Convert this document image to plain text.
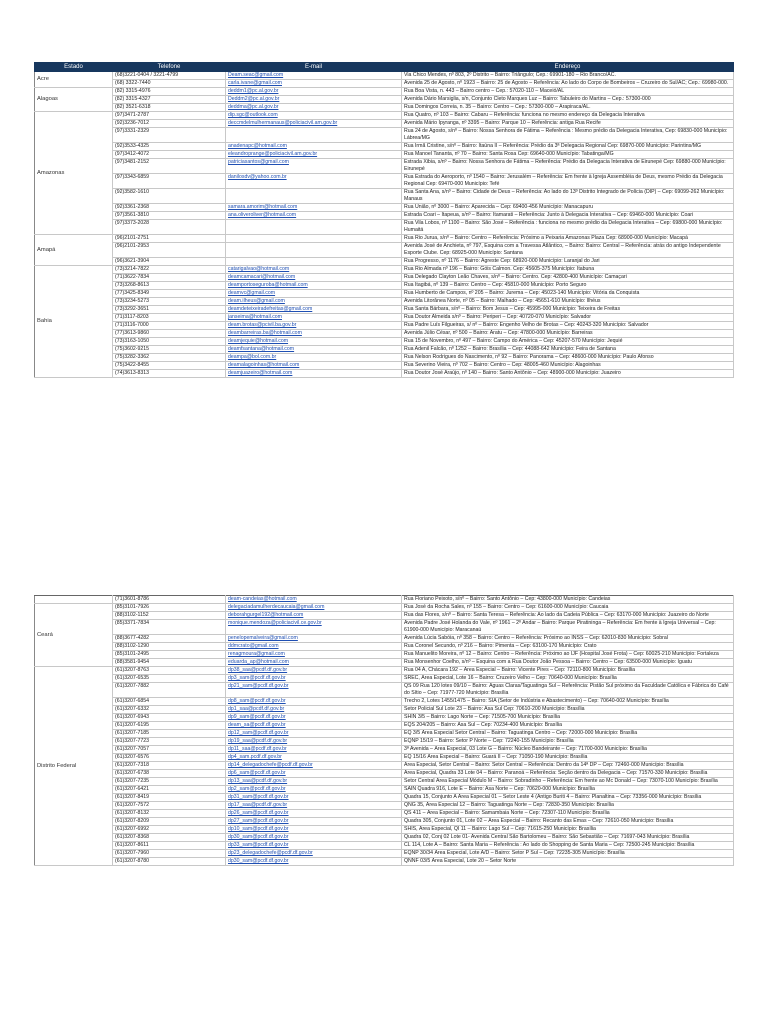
Estado	Telefone	E-mail	Endereço
Acre	(68)3221-0404 / 3221-4799	Deam.seac@gmail.com	Via Chico Mendes, nº 803, 2º Distrito – Bairro: Triângulo; Cep.: 69901-180 – Rio Branco/AC.
	(68) 3322-7440	carla.ivane@gmail.com	Avenida 25 de Agosto, nº 1923 – Bairro: 25 de Agosto – Referência: Ao lado do Corpo de Bombeiros – Cruzeiro do Sul/AC; Cep.: 69980-000.
Alagoas	(82) 3315-4976	deddm1@pc.al.gov.br	Rua Boa Vista, n. 443 – Bairro centro – Cep.: 57020-110 – Maceió/AL
	(82) 3315-4327	Deddm2@pc.al.gov.br	Avenida Dário Marsiglia, s/n, Conjunto Cleto Marques Luz – Bairro: Tabuleiro do Martins – Cep.: 57300-000
	(82) 3521-6318	deddma@pc.al.gov.br	Rua Domingos Correia, n. 35 – Bairro: Centro – Cep.: 57300-000 – Arapiraca/AL.
Amazonas	(97)3471-2787	dip.sgc@outlook.com	Rua Quatro, nº 103 – Bairro: Cabaru – Referência: funciona no mesmo endereço da Delegacia Interativa
	(92)3236-7012	deccmdelmulhermanaus@policiacivil.am.gov.br	Avenida Mário Ipyranga, nº 3395 – Bairro: Parque 10 – Referência: antiga Rua Recife
	(97)3331-2329		Rua 24 de Agosto, s/nº – Bairro: Nossa Senhora de Fátima – Referência : Mesmo prédio da Delegacia Interativa, Cep: 69830-000 Município: Lábrea/MG
	(92)3533-4325	anadenapc@hotmail.com	Rua Irmã Cristine, s/nº – Bairro: Itaúna II – Referência: Prédio da 3ª Delegacia Regional Cep: 69870-000 Município: Parintins/MG
	(97)3412-4072	eleandroprange@policiacivil.am.gov.br	Rua Manoel Tananta, nº 70 – Bairro: Santa Rosa Cep: 69640-000 Município: Tabatinga/MG
	(97)3481-2152	patriciasantos@gmail.com	Estrada Xibia, s/nº – Bairro: Nossa Senhora de Fátima – Referência: Prédio da Delegacia Interativa de Eirunepé Cep: 69880-000 Município: Eirunepé
	(97)3343-6859	danilosdv@yahoo.com.br	Rua Estrada do Aeroporto, nº 1540 – Bairro: Jerusalém – Referência: Em frente à Igreja Assembléia de Deus, mesmo Prédio da Delegacia Regional Cep: 69470-000 Município: Tefé
	(92)3582-1610		Rua Santa Ana, s/nº – Bairro: Cidade de Deus – Referência: Ao lado do 13º Distrito Integrado de Polícia (DIP) – Cep: 69099-262 Município: Manaus
	(92)3361-2368	samara.amorim@hotmail.com	Rua União, nº 3000 – Bairro: Aparecida – Cep: 69400-456 Município: Manacapuru
	(97)3561-3810	ana.oliveroliver@hotmail.com	Estrada Coari – Itapeua, s/nº – Bairro: Itamarati – Referência: Junto à Delegacia Interativa – Cep: 69460-000 Município: Coari
	(97)3373-2028		Rua Vila Lobos, nº 1100 – Bairro: São José – Referência : funciona no mesmo prédio da Delegacia Interativa – Cep: 69800-000 Município: Humaitá
Amapá	(96)2101-2751		Rua Rio Jurua, s/nº – Bairro: Centro – Referência: Próximo a Peixaria Amazonas Plaza Cep: 68900-000 Município: Macapá
	(96)2101-2953		Avenida José de Anchieta, nº 797, Esquina com a Travessa Atlântico, – Bairro: Bairro: Central – Referência: atrás do antigo Independente Esporte Clube. Cep: 68925-000 Município: Santana
	(96)3621-3904		Rua Progresso, nº 1176 – Bairro: Agreste Cep: 68920-000 Município: Laranjal do Jari
Bahia	(73)3214-7822	catarigalvao@hotmail.com	Rua Rio Almada nº 196 – Bairro: Góis Calmon. Cep: 45605-375 Município: Itabuna
	(71)3622-7834	deamcamacari@hotmail.com	Rua Delegado Clayton Leão Chaves, s/nº – Bairro: Centro. Cep: 42800-400 Município: Camaçari
	(73)3268-8613	deamportoseguroba@hotmail.com	Rua Itagibá, nº 139 – Bairro: Centro – Cep: 45810-000 Município: Porto Seguro
	(77)3425-8349	deamvc@gmail.com	Rua Humberto de Campos, nº 205 – Bairro: Jurema – Cep: 45023-140 Município: Vitória da Conquista
	(73)3234-5273	deam.ilheus@gmail.com	Avenida Litorânea Norte, nº 05 – Bairro: Malhado – Cep: 45651-610 Município: Ilhéus
	(73)3292-3651	deamdeteixeiradefreitas@gmail.com	Rua Santa Bárbara, s/nº – Bairro: Bom Jesus – Cep: 45995-000 Município: Teixeira de Freitas
	(71)3117-8203	janseima@hotmail.com	Rua Doutor Almeida s/nº – Bairro: Periperi – Cep: 40720-070 Município: Salvador
	(71)3116-7000	deam.brotas@pcivil.ba.gov.br	Rua Padre Luís Filgueiras, s/ nº – Bairro: Engenho Velho de Brotas – Cep: 40243-320 Município: Salvador
	(77)3613-9860	deambarreiras.ba@hotmail.com	Avenida Júlio César, nº 500 – Bairro: Aratu – Cep: 47800-000 Município: Barreiras
	(73)3163-1050	deamjequie@hotmail.com	Rua 15 de Novembro, nº 497 – Bairro: Campo do América – Cep: 45207-570 Município: Jequié
	(75)3602-9215	deamfsantana@hotmail.com	Rua Adenil Falcão, nº 1252 – Bairro: Brasília – Cep: 44088-642 Município: Feira de Santana
	(75)3282-3362	deampa@bol.com.br	Rua Nelson Rodrigues do Nascimento, nº 92 – Bairro: Panorama – Cep: 48600-000 Município: Paulo Afonso
	(75)3422-8455	deamalagoinhas@hotmail.com	Rua Severino Vieira, nº 702 – Bairro: Centro – Cep: 48005-460 Município: Alagoinhas
	(74)3613-8313	deamjuazeiro@hotmail.com	Rua Doutor José Araújo, nº 140 – Bairro: Santo Antônio – Cep: 48900-000 Município: Juazeiro
	(71)3601-8786	deam-candeias@hotmail.com	Rua Floriano Peixoto, s/nº – Bairro: Santo Antônio – Cep: 43800-000 Município: Candeias
Ceará	(85)3101-7926	delegaciadamulherdecaucaia@gmail.com	Rua José da Rocha Sales, nº 155 – Bairro: Centro – Cep: 61600-000 Município: Caucaia
	(88)3102-1152	deborahgurgel192@hotmail.com	Rua das Flores, s/nº – Bairro: Santa Teresa – Referência: Ao lado da Cadeia Pública – Cep: 63170-000 Município: Juazeiro do Norte
	(85)3371-7834	monique.mendoza@policiacivil.ce.gov.br	Avenida Padre José Holanda do Vale, nº 1961 – 2º Andar – Bairro: Parque Piratininga – Referência: Em frente à Igreja Universal – Cep: 61900-000 Município: Maracanaú
	(88)3677-4282	penelopemalveira@gmail.com	Avenida Lúcia Sabóia, nº 358 – Bairro: Centro – Referência: Próximo ao INSS – Cep: 62010-830 Município: Sobral
	(88)3102-1290	ddmcrato@gmail.com	Rua Coronel Secundo, nº 216 – Bairro: Pimenta – Cep: 63100-170 Município: Crato
	(85)3101-2495	renagmoura@gmail.com	Rua Manuelito Moreira, nº 12 – Bairro: Centro – Referência: Próximo ao IJF (Hospital José Frota) – Cep: 60025-210 Município: Fortaleza
	(88)3581-9454	eduarda_ap@hotmail.com	Rua Monsenhor Coelho, s/nº – Esquina com a Rua Doutor João Pessoa – Bairro: Centro – Cep: 63500-000 Município: Iguatu
Distrito Federal	(61)3207-8763	dp38_saa@pcdf.df.gov.br	Rua 04 A, Chácara 192 – Área Especial – Bairro: Vicente Pires – Cep: 72110-800 Município: Brasília
	(61)3207-6535	dp3_sam@pcdf.df.gov.br	SREC, Área Especial, Lote 16 – Bairro: Cruzeiro Velho – Cep: 70640-000 Município: Brasília
	(61)3207-7882	dp21_sam@pcdf.df.gov.br	QS 09 Rua 120 lotes 09/10 – Bairro: Águas Claras/Taguatinga Sul – Referência: Pistão Sul próximo da Faculdade Católica e Fábrica do Café do Sítio – Cep: 71977-720 Município: Brasília
	(61)3207-6854	dp8_sam@pcdf.df.gov.br	Trecho 2, Lotes 1455/1475 – Bairro: SIA (Setor de Indústria e Abastecimento) – Cep: 70640-002 Município: Brasília
	(61)3207-6332	dp1_saa@pcdf.df.gov.br	Setor Policial Sul Lote 23 – Bairro: Asa Sul Cep: 70610-200 Município: Brasília
	(61)3207-6943	dp9_sam@pcdf.df.gov.br	SHIN 3/5 – Bairro: Lago Norte – Cep: 71505-700 Município: Brasília
	(61)3207-6195	deam_sa@pcdf.df.gov.br	EQS 204/205 – Bairro: Asa Sul – Cep: 70234-400 Município: Brasília
	(61)3207-7185	dp12_sam@pcdf.df.gov.br	EQ 3/5 Área Especial Setor Central – Bairro: Taguatinga Centro – Cep: 72000-000 Município: Brasília
	(61)3207-7723	dp19_saa@pcdf.df.gov.br	EQNP 15/19 – Bairro: Setor P Norte – Cep: 72240-155 Município: Brasília
	(61)3207-7057	dp11_saa@pcdf.df.gov.br	3ª Avenida – Área Especial, 03 Lote G – Bairro: Núcleo Bandeirante – Cep: 71700-000 Município: Brasília
	(61)3207-6576	dp4_sam.pcdf.df.gov.br	EQ 15/16 Área Especial – Bairro: Guará II – Cep: 71050-190 Município: Brasília
	(61)3207-7318	dp14_delegadochefe@pcdf.df.gov.br	Área Especial, Setor Central – Bairro: Setor Central – Referência: Dentro da 14ª DP – Cep: 72460-000 Município: Brasília
	(61)3207-6738	dp6_sam@pcdf.df.gov.br	Área Especial, Quadra 33 Lote 04 – Bairro: Paranoá – Referência: Seção dentro da Delegacia – Cep: 71570-330 Município: Brasília
	(61)3207-7235	dp13_saa@pcdf.df.gov.br	Setor Central Área Especial Módulo M – Bairro: Sobradinho – Referência: Em frente ao Mc Donald – Cep: 73070-100 Município: Brasília
	(61)3207-6421	dp2_sam@pcdf.df.gov.br	SAIN Quadra 916, Lote E – Bairro: Asa Norte – Cep: 70620-000 Município: Brasília
	(61)3207-8419	dp31_sam@pcdf.df.gov.br	Quadra 15, Conjunto A Área Especial 01 – Setor Leste 4 (Antigo Buriti 4 – Bairro: Planaltina – Cep: 73356-000 Município: Brasília
	(61)3207-7572	dp17_saa@pcdf.df.gov.br	QNG 35, Área Especial 12 – Bairro: Taguatinga Norte – Cep: 72830-350 Município: Brasília
	(61)3207-8132	dp26_sam@pcdf.df.gov.br	QS 411 – Área Especial – Bairro: Samambaia Norte – Cep: 72307-110 Município: Brasília
	(61)3207-8209	dp27_sam@pcdf.df.gov.br	Quadra 305, Conjunto 01, Lote 02 – Área Especial – Bairro: Recanto das Emas – Cep: 72610-050 Município: Brasília
	(61)3207-6992	dp10_sam@pcdf.df.gov.br	SHIS, Área Especial, QI 11 – Bairro: Lago Sul – Cep: 71615-250 Município: Brasília
	(61)3207-8368	dp30_sam@pcdf.df.gov.br	Quadra 02, Conj 02 Lote 01- Avenida Central São Bartolomeu – Bairro: São Sebastião – Cep: 71697-043 Município: Brasília
	(61)3207-8611	dp33_sam@pcdf.df.gov.br	CL 114, Lote A – Bairro: Santa Maria – Referência : Ao lado do Shopping de Santa Maria – Cep: 72500-245 Município: Brasília
	(61)3207-7960	dp23_delegadochefe@pcdf.df.gov.br	EQNP 30/34 Área Especial, Lote A/D – Bairro: Setor P Sul – Cep: 72235-305 Município: Brasília
	(61)3207-8780	dp30_sam@pcdf.df.gov.br	QNNF 03/5 Área Especial, Lote 20 – Setor Norte
